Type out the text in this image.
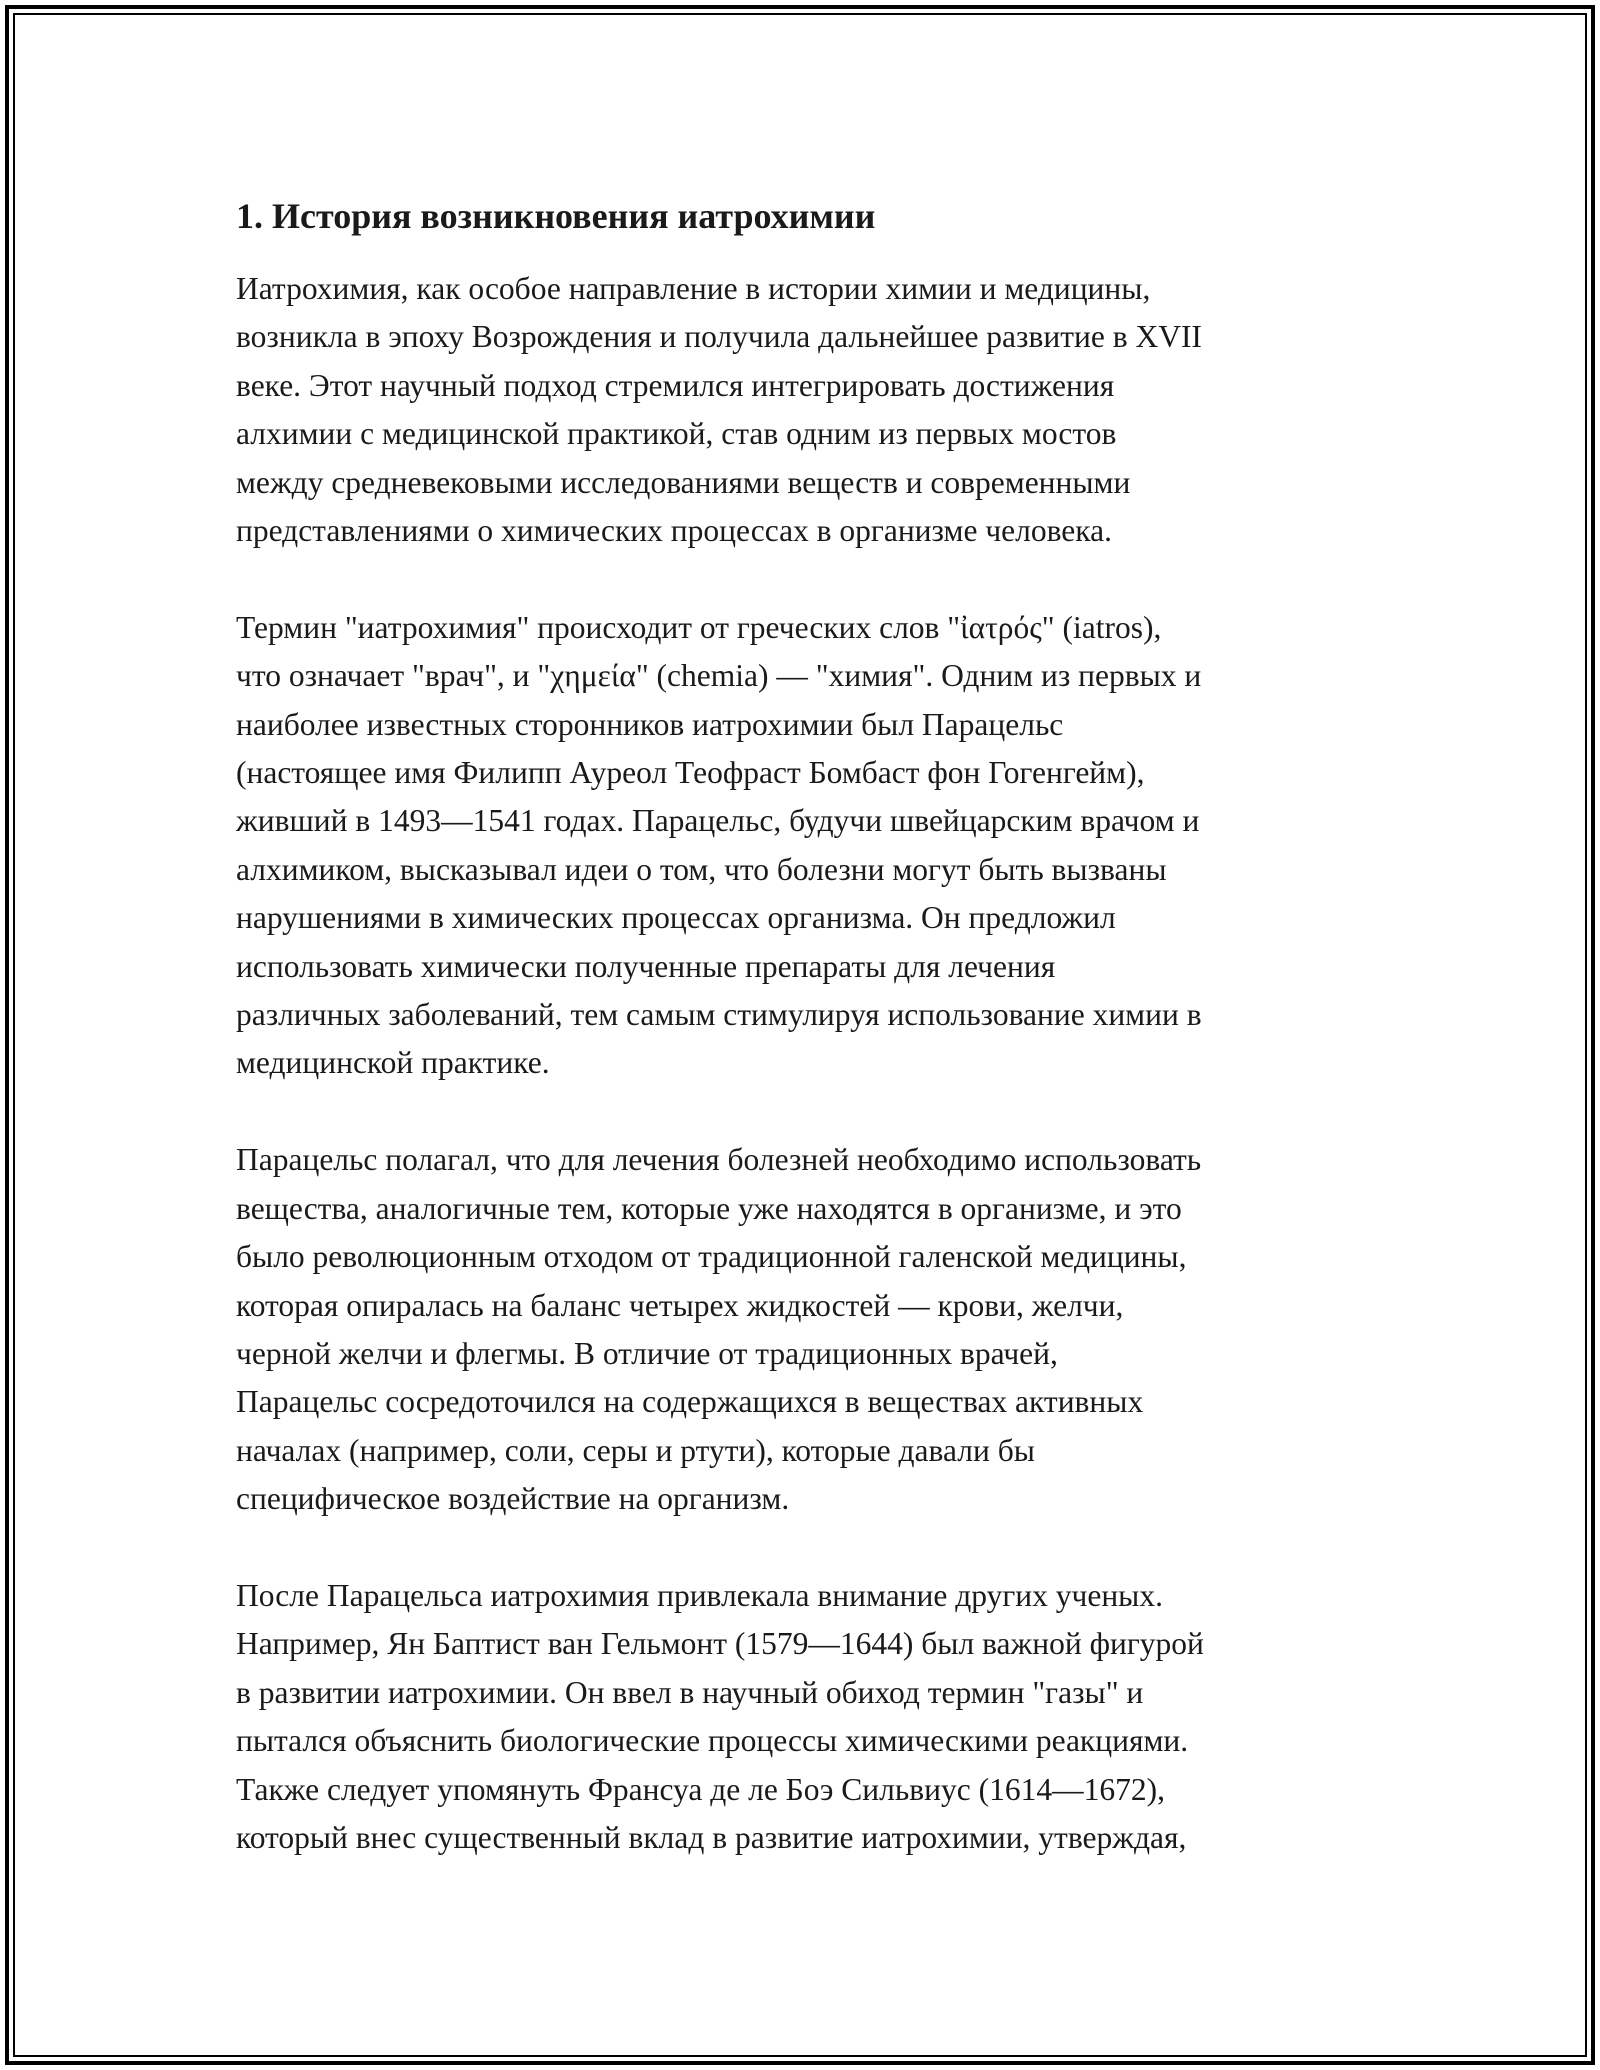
1. История возникновения иатрохимии
Иатрохимия, как особое направление в истории химии и медицины,
возникла в эпоху Возрождения и получила дальнейшее развитие в XVII
веке. Этот научный подход стремился интегрировать достижения
алхимии с медицинской практикой, став одним из первых мостов
между средневековыми исследованиями веществ и современными
представлениями о химических процессах в организме человека.
Термин "иатрохимия" происходит от греческих слов "ἰατρός" (iatros),
что означает "врач", и "χημεία" (chemia) — "химия". Одним из первых и
наиболее известных сторонников иатрохимии был Парацельс
(настоящее имя Филипп Ауреол Теофраст Бомбаст фон Гогенгейм),
живший в 1493—1541 годах. Парацельс, будучи швейцарским врачом и
алхимиком, высказывал идеи о том, что болезни могут быть вызваны
нарушениями в химических процессах организма. Он предложил
использовать химически полученные препараты для лечения
различных заболеваний, тем самым стимулируя использование химии в
медицинской практике.
Парацельс полагал, что для лечения болезней необходимо использовать
вещества, аналогичные тем, которые уже находятся в организме, и это
было революционным отходом от традиционной галенской медицины,
которая опиралась на баланс четырех жидкостей — крови, желчи,
черной желчи и флегмы. В отличие от традиционных врачей,
Парацельс сосредоточился на содержащихся в веществах активных
началах (например, соли, серы и ртути), которые давали бы
специфическое воздействие на организм.
После Парацельса иатрохимия привлекала внимание других ученых.
Например, Ян Баптист ван Гельмонт (1579—1644) был важной фигурой
в развитии иатрохимии. Он ввел в научный обиход термин "газы" и
пытался объяснить биологические процессы химическими реакциями.
Также следует упомянуть Франсуа де ле Боэ Сильвиус (1614—1672),
который внес существенный вклад в развитие иатрохимии, утверждая,
